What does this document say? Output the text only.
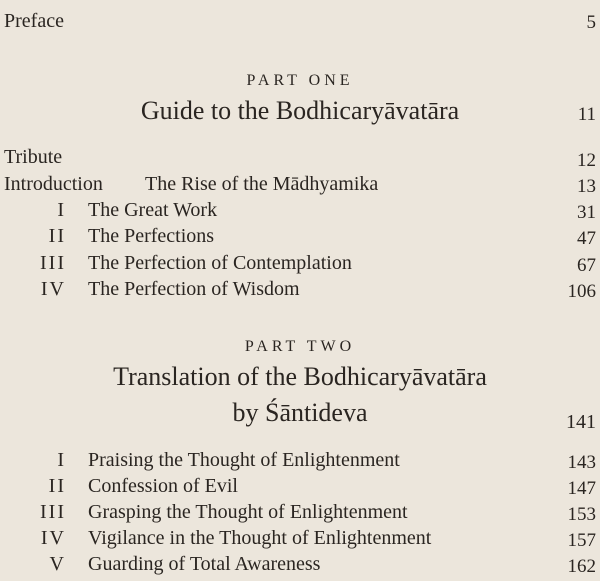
Preface	5
PART ONE
Guide to the Bodhicaryāvatāra	11
Tribute	12
Introduction The Rise of the Mādhyamika	13
I The Great Work	31
II The Perfections	47
III The Perfection of Contemplation	67
IV The Perfection of Wisdom	106
PART TWO
Translation of the Bodhicaryāvatāra
by Śāntideva	141
I Praising the Thought of Enlightenment	143
II Confession of Evil	147
III Grasping the Thought of Enlightenment	153
IV Vigilance in the Thought of Enlightenment	157
V Guarding of Total Awareness	162
